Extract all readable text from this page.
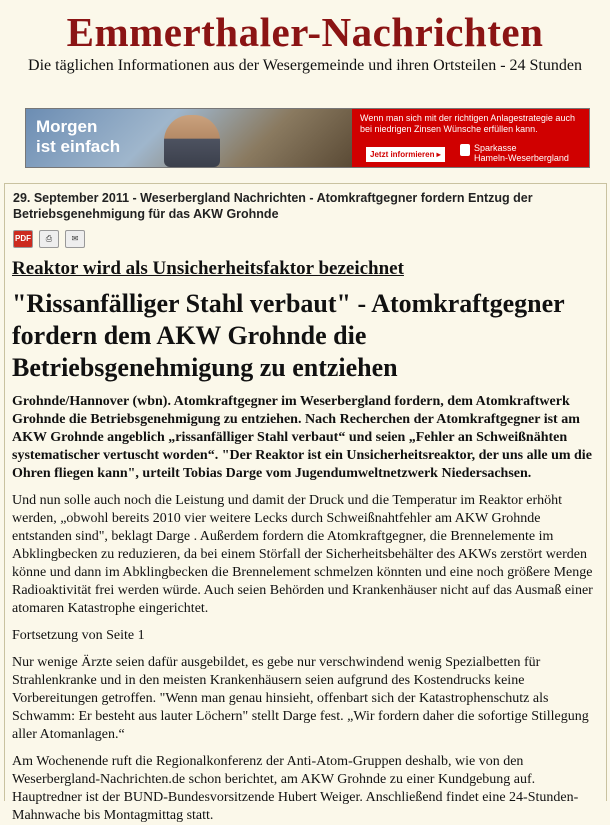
Emmerthaler-Nachrichten
Die täglichen Informationen aus der Wesergemeinde und ihren Ortsteilen - 24 Stunden
Morgen
ist einfach
Wenn man sich mit der richtigen Anlagestrategie auch bei niedrigen Zinsen Wünsche erfüllen kann.
Jetzt informieren ▸
Sparkasse
Hameln-Weserbergland

29. September 2011 - Weserbergland Nachrichten - Atomkraftgegner fordern Entzug der Betriebsgenehmigung für das AKW Grohnde

PDF	⎙	✉
Reaktor wird als Unsicherheitsfaktor bezeichnet
"Rissanfälliger Stahl verbaut" - Atomkraftgegner fordern dem AKW Grohnde die Betriebsgenehmigung zu entziehen
Grohnde/Hannover (wbn). Atomkraftgegner im Weserbergland fordern, dem Atomkraftwerk Grohnde die Betriebsgenehmigung zu entziehen. Nach Recherchen der Atomkraftgegner ist am AKW Grohnde angeblich „rissanfälliger Stahl verbaut“ und seien „Fehler an Schweißnähten systematischer vertuscht worden“. "Der Reaktor ist ein Unsicherheitsreaktor, der uns alle um die Ohren fliegen kann", urteilt Tobias Darge vom Jugendumweltnetzwerk Niedersachsen.
Und nun solle auch noch die Leistung und damit der Druck und die Temperatur im Reaktor erhöht werden, „obwohl bereits 2010 vier weitere Lecks durch Schweißnahtfehler am AKW Grohnde entstanden sind", beklagt Darge . Außerdem fordern die Atomkraftgegner, die Brennelemente im Abklingbecken zu reduzieren, da bei einem Störfall der Sicherheitsbehälter des AKWs zerstört werden könne und dann im Abklingbecken die Brennelement schmelzen könnten und eine noch größere Menge Radioaktivität frei werden würde. Auch seien Behörden und Krankenhäuser nicht auf das Ausmaß einer atomaren Katastrophe eingerichtet.
Fortsetzung von Seite 1
Nur wenige Ärzte seien dafür ausgebildet, es gebe nur verschwindend wenig Spezialbetten für Strahlenkranke und in den meisten Krankenhäusern seien aufgrund des Kostendrucks keine Vorbereitungen getroffen. "Wenn man genau hinsieht, offenbart sich der Katastrophenschutz als Schwamm: Er besteht aus lauter Löchern" stellt Darge fest. „Wir fordern daher die sofortige Stillegung aller Atomanlagen.“
Am Wochenende ruft die Regionalkonferenz der Anti-Atom-Gruppen deshalb, wie von den Weserbergland-Nachrichten.de schon berichtet, am AKW Grohnde zu einer Kundgebung auf. Hauptredner ist der BUND-Bundesvorsitzende Hubert Weiger. Anschließend findet eine 24-Stunden-Mahnwache bis Montagmittag statt.
